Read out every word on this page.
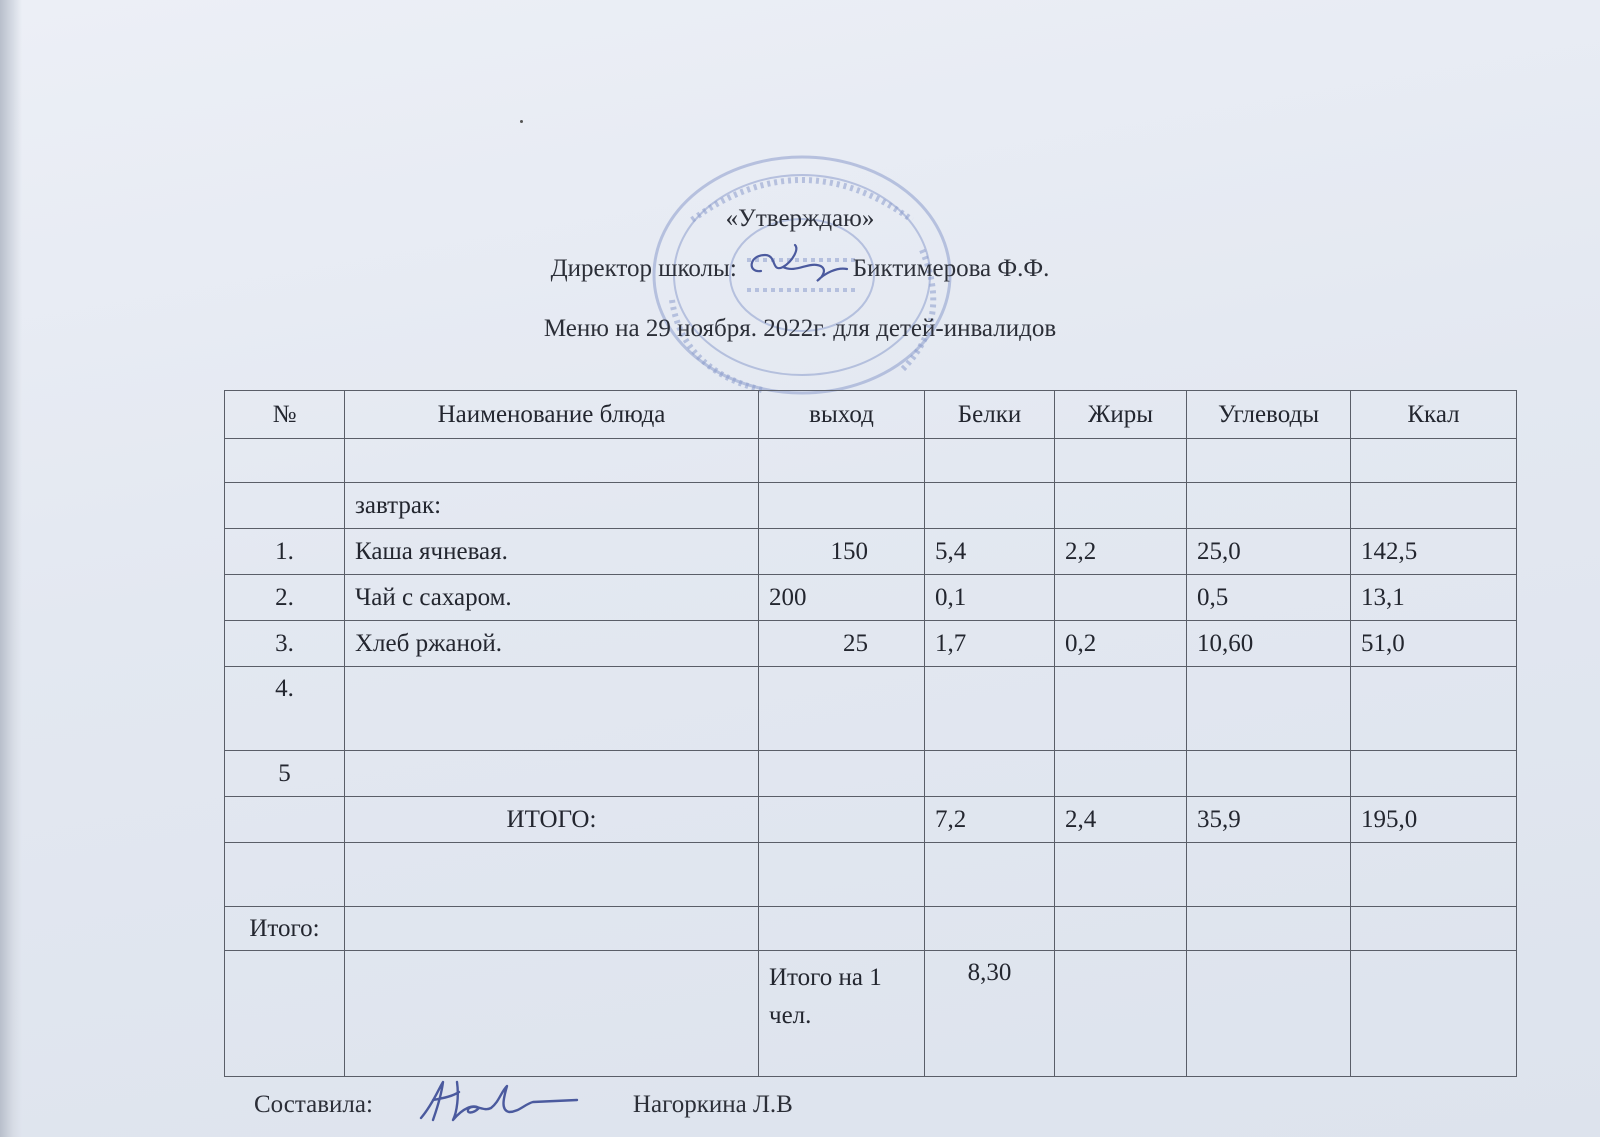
«Утверждаю»
Директор школы:	Биктимерова Ф.Ф.
Меню на 29 ноября. 2022г. для детей-инвалидов
№	Наименование блюда	выход	Белки	Жиры	Углеводы	Ккал

	завтрак:					
1.	Каша ячневая.	150	5,4	2,2	25,0	142,5
2.	Чай с сахаром.	200	0,1		0,5	13,1
3.	Хлеб ржаной.	25	1,7	0,2	10,60	51,0
4.						
5						
	ИТОГО:		7,2	2,4	35,9	195,0

Итого:						
		Итого на 1 чел.	8,30			
Составила:	Нагоркина Л.В
